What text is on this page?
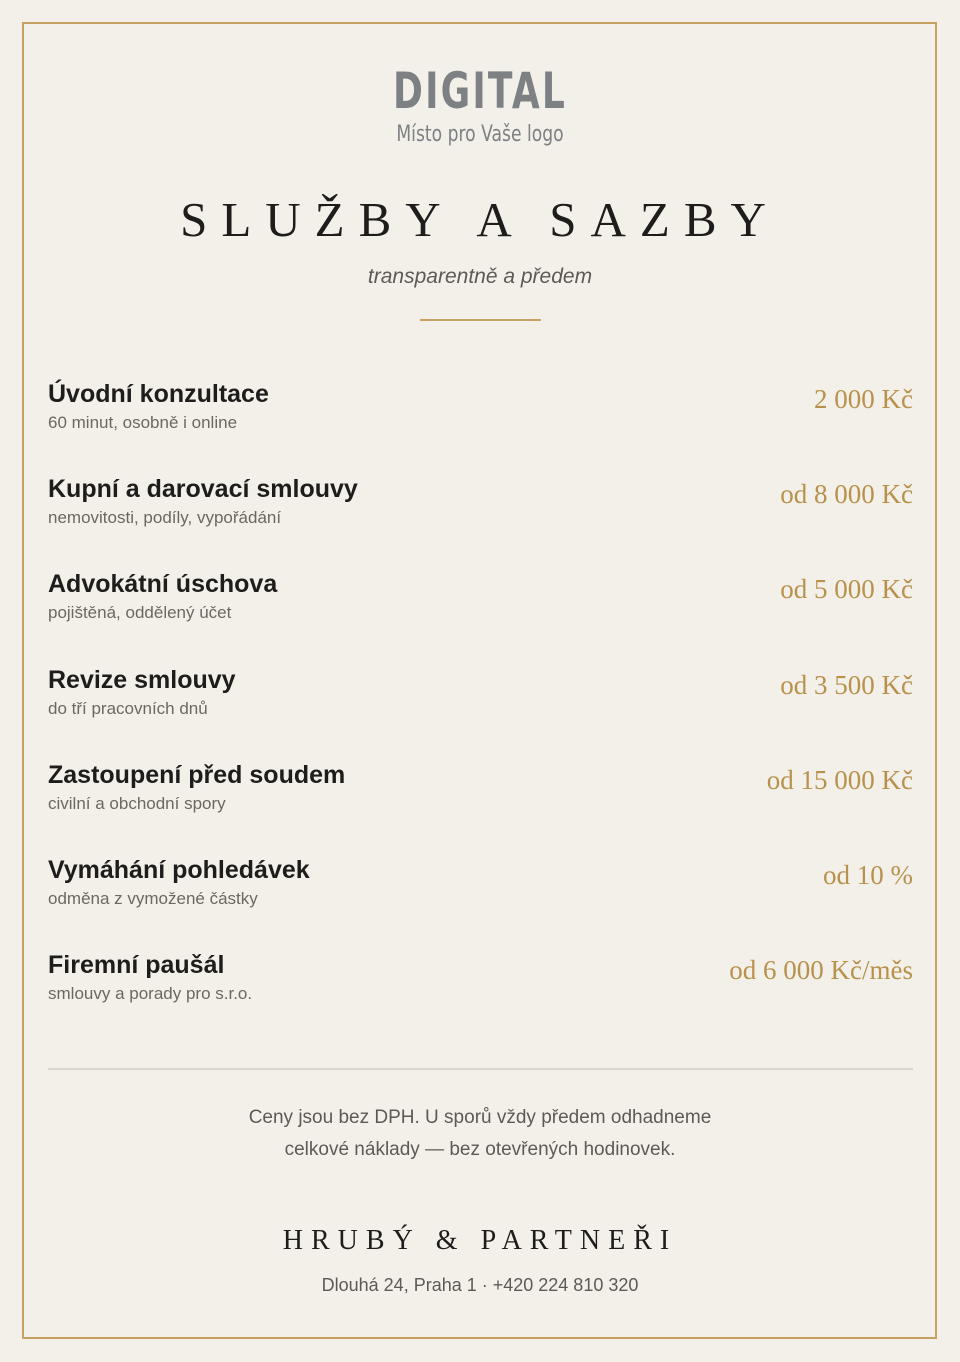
DIGITAL
Místo pro Vaše logo
SLUŽBY A SAZBY
transparentně a předem
Úvodní konzultace
60 minut, osobně i online
2 000 Kč
Kupní a darovací smlouvy
nemovitosti, podíly, vypořádání
od 8 000 Kč
Advokátní úschova
pojištěná, oddělený účet
od 5 000 Kč
Revize smlouvy
do tří pracovních dnů
od 3 500 Kč
Zastoupení před soudem
civilní a obchodní spory
od 15 000 Kč
Vymáhání pohledávek
odměna z vymožené částky
od 10 %
Firemní paušál
smlouvy a porady pro s.r.o.
od 6 000 Kč/měs
Ceny jsou bez DPH. U sporů vždy předem odhadneme
celkové náklady — bez otevřených hodinovek.
HRUBÝ & PARTNEŘI
Dlouhá 24, Praha 1 · +420 224 810 320
